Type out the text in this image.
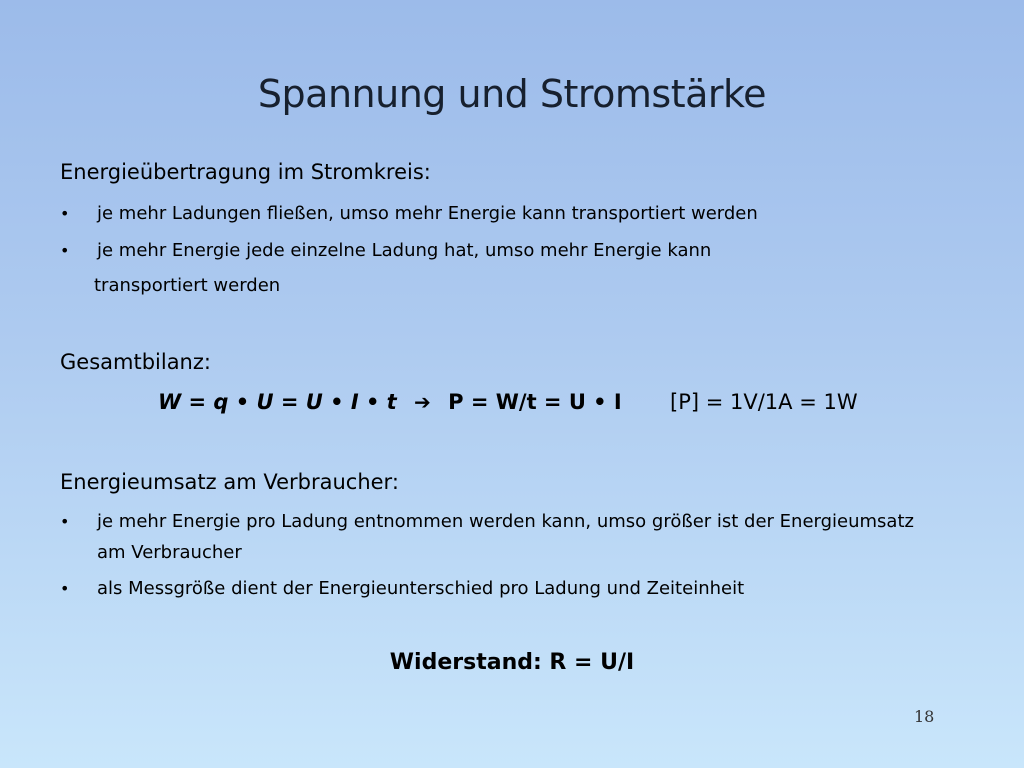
Spannung und Stromstärke
Energieübertragung im Stromkreis:
•	je mehr Ladungen fließen, umso mehr Energie kann transportiert werden
•	je mehr Energie jede einzelne Ladung hat, umso mehr Energie kann
transportiert werden
Gesamtbilanz:
W = q • U = U • I • t ➔ P = W/t = U • I [P] = 1V/1A = 1W
Energieumsatz am Verbraucher:
•	je mehr Energie pro Ladung entnommen werden kann, umso größer ist der Energieumsatz am Verbraucher
•	als Messgröße dient der Energieunterschied pro Ladung und Zeiteinheit
Widerstand: R = U/I
18
